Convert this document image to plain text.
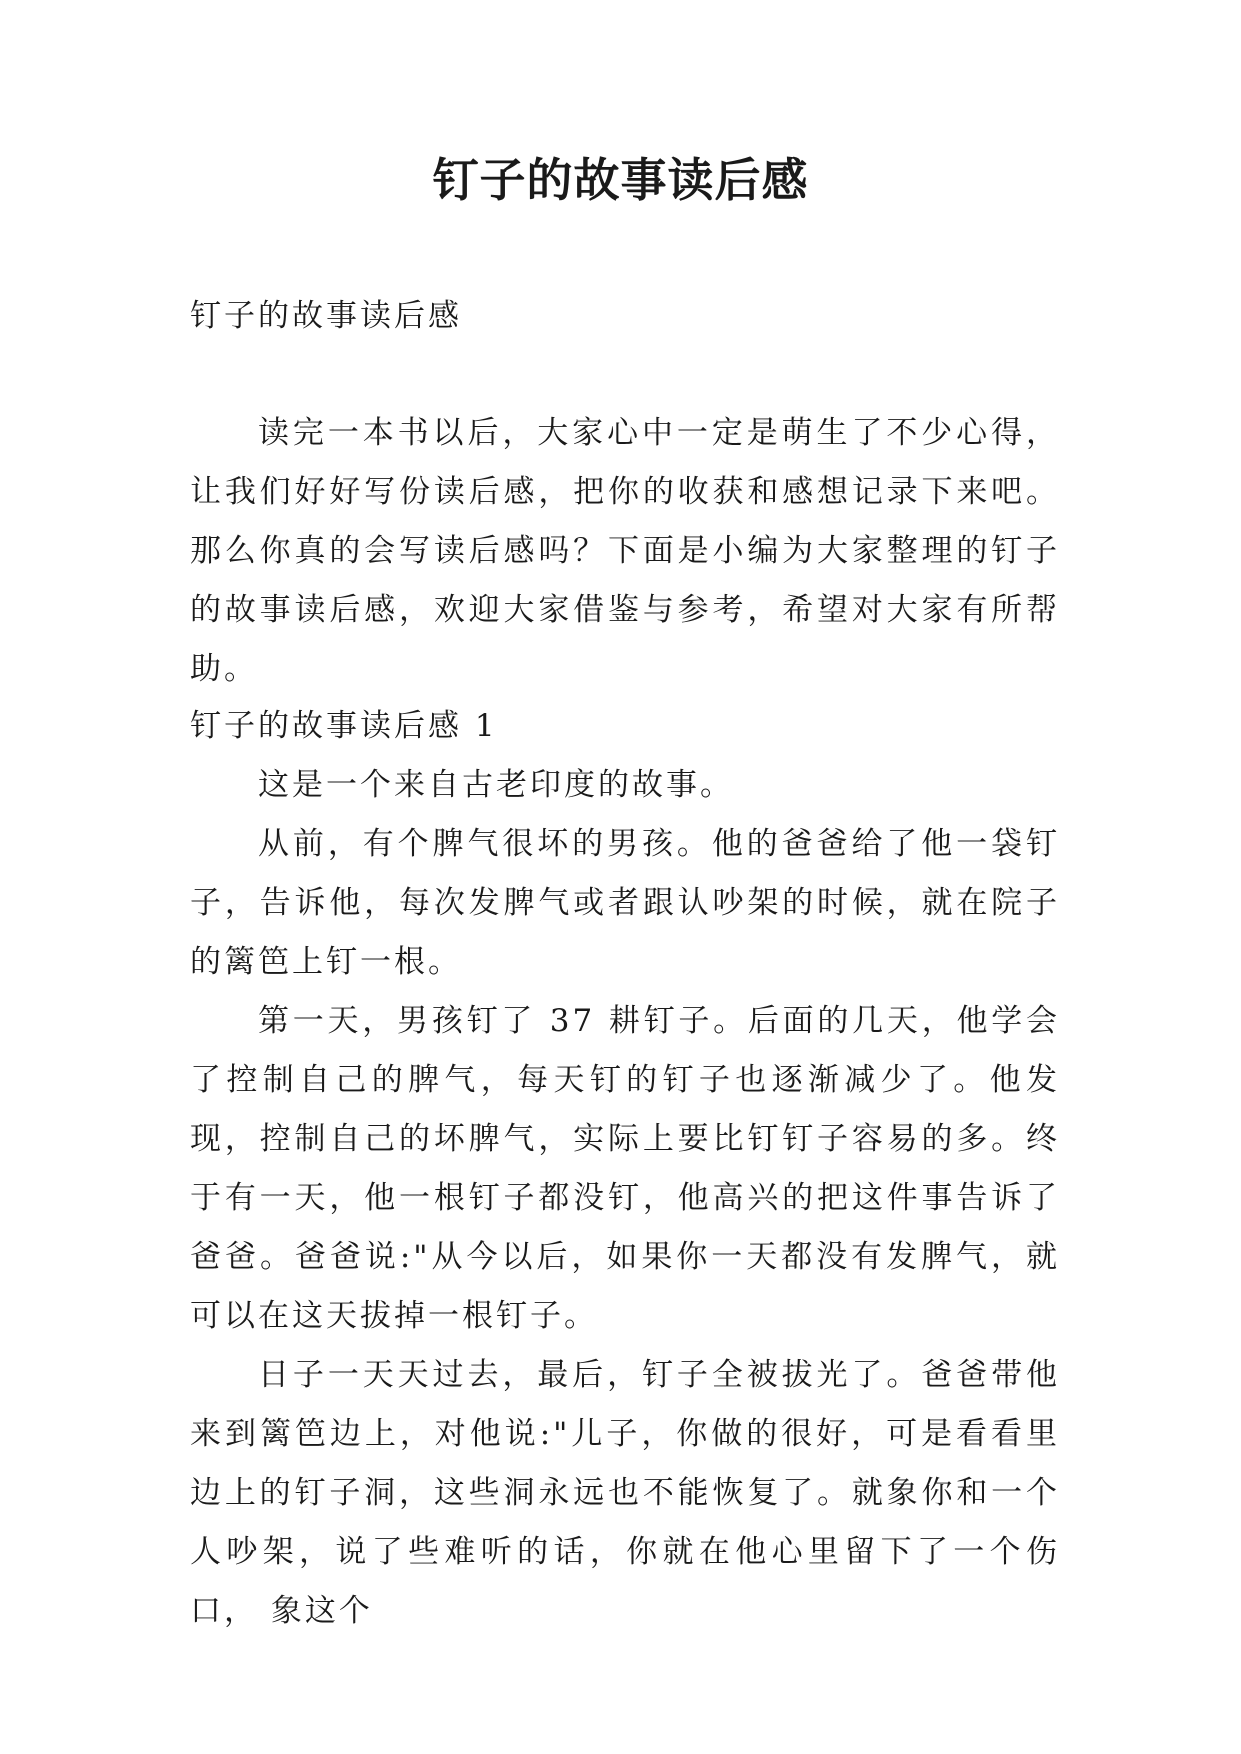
钉子的故事读后感

钉子的故事读后感

读完一本书以后，大家心中一定是萌生了不少心得，让我们好好写份读后感，把你的收获和感想记录下来吧。那么你真的会写读后感吗？下面是小编为大家整理的钉子的故事读后感，欢迎大家借鉴与参考，希望对大家有所帮助。

钉子的故事读后感 1

这是一个来自古老印度的故事。

从前，有个脾气很坏的男孩。他的爸爸给了他一袋钉子，告诉他，每次发脾气或者跟认吵架的时候，就在院子的篱笆上钉一根。

第一天，男孩钉了 37 耕钉子。后面的几天，他学会了控制自己的脾气，每天钉的钉子也逐渐减少了。他发现，控制自己的坏脾气，实际上要比钉钉子容易的多。终于有一天，他一根钉子都没钉，他高兴的把这件事告诉了爸爸。爸爸说:"从今以后，如果你一天都没有发脾气，就可以在这天拔掉一根钉子。

日子一天天过去，最后，钉子全被拔光了。爸爸带他来到篱笆边上，对他说:"儿子，你做的很好，可是看看里边上的钉子洞，这些洞永远也不能恢复了。就象你和一个人吵架，说了些难听的话，你就在他心里留下了一个伤口， 象这个
